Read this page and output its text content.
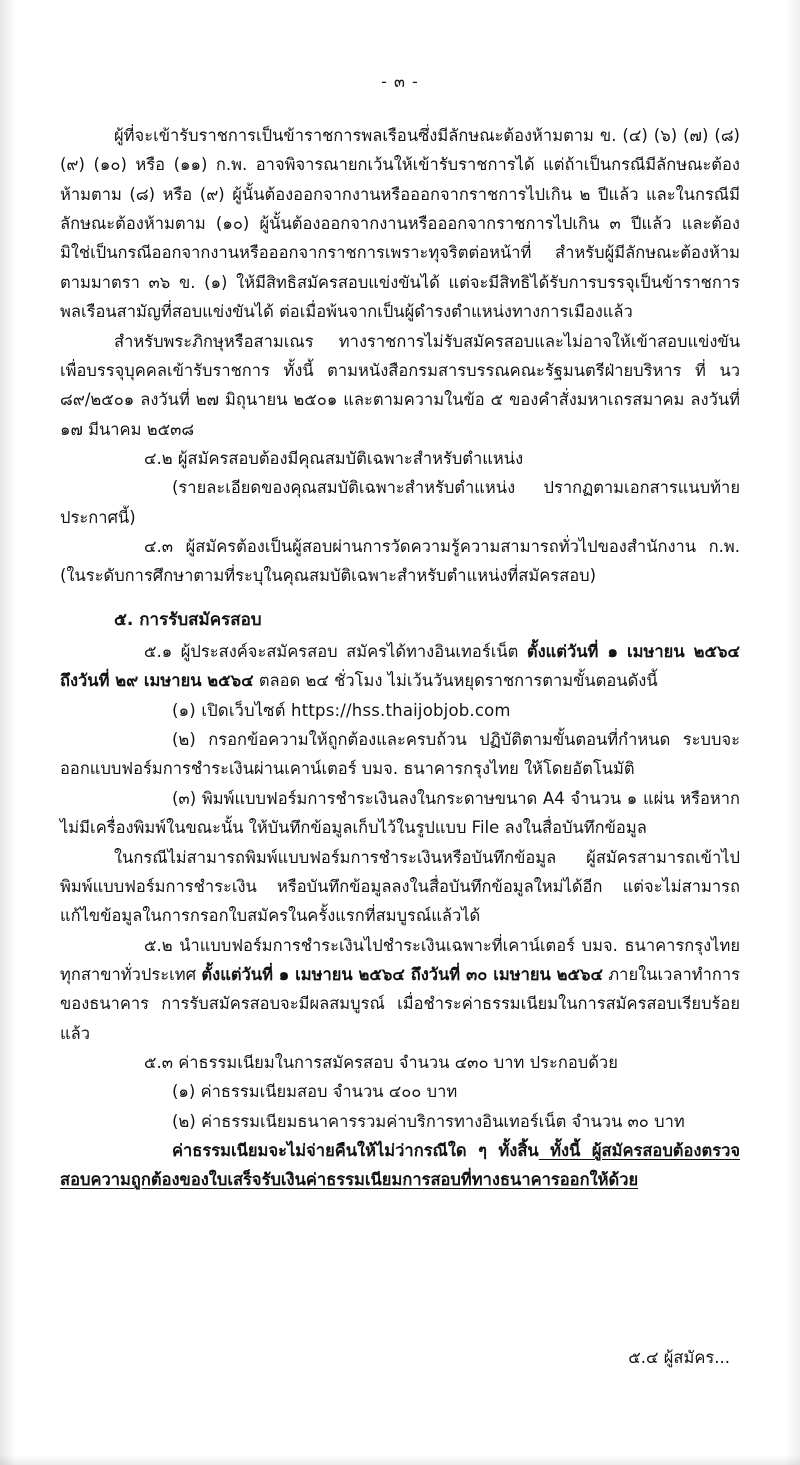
- ๓ -

ผู้ที่จะเข้ารับราชการเป็นข้าราชการพลเรือนซึ่งมีลักษณะต้องห้ามตาม ข. (๔) (๖) (๗) (๘) (๙) (๑๐) หรือ (๑๑) ก.พ. อาจพิจารณายกเว้นให้เข้ารับราชการได้ แต่ถ้าเป็นกรณีมีลักษณะต้องห้ามตาม (๘) หรือ (๙) ผู้นั้นต้องออกจากงานหรือออกจากราชการไปเกิน ๒ ปีแล้ว และในกรณีมีลักษณะต้องห้ามตาม (๑๐) ผู้นั้นต้องออกจากงานหรือออกจากราชการไปเกิน ๓ ปีแล้ว และต้องมิใช่เป็นกรณีออกจากงานหรือออกจากราชการเพราะทุจริตต่อหน้าที่ สำหรับผู้มีลักษณะต้องห้ามตามมาตรา ๓๖ ข. (๑) ให้มีสิทธิสมัครสอบแข่งขันได้ แต่จะมีสิทธิได้รับการบรรจุเป็นข้าราชการพลเรือนสามัญที่สอบแข่งขันได้ ต่อเมื่อพ้นจากเป็นผู้ดำรงตำแหน่งทางการเมืองแล้ว

สำหรับพระภิกษุหรือสามเณร ทางราชการไม่รับสมัครสอบและไม่อาจให้เข้าสอบแข่งขันเพื่อบรรจุบุคคลเข้ารับราชการ ทั้งนี้ ตามหนังสือกรมสารบรรณคณะรัฐมนตรีฝ่ายบริหาร ที่ นว ๘๙/๒๕๐๑ ลงวันที่ ๒๗ มิถุนายน ๒๕๐๑ และตามความในข้อ ๕ ของคำสั่งมหาเถรสมาคม ลงวันที่ ๑๗ มีนาคม ๒๕๓๘

๔.๒ ผู้สมัครสอบต้องมีคุณสมบัติเฉพาะสำหรับตำแหน่ง

(รายละเอียดของคุณสมบัติเฉพาะสำหรับตำแหน่ง ปรากฏตามเอกสารแนบท้ายประกาศนี้)

๔.๓ ผู้สมัครต้องเป็นผู้สอบผ่านการวัดความรู้ความสามารถทั่วไปของสำนักงาน ก.พ. (ในระดับการศึกษาตามที่ระบุในคุณสมบัติเฉพาะสำหรับตำแหน่งที่สมัครสอบ)

๕. การรับสมัครสอบ

๕.๑ ผู้ประสงค์จะสมัครสอบ สมัครได้ทางอินเทอร์เน็ต ตั้งแต่วันที่ ๑ เมษายน ๒๕๖๔ ถึงวันที่ ๒๙ เมษายน ๒๕๖๔ ตลอด ๒๔ ชั่วโมง ไม่เว้นวันหยุดราชการตามขั้นตอนดังนี้

(๑) เปิดเว็บไซต์ https://hss.thaijobjob.com

(๒) กรอกข้อความให้ถูกต้องและครบถ้วน ปฏิบัติตามขั้นตอนที่กำหนด ระบบจะออกแบบฟอร์มการชำระเงินผ่านเคาน์เตอร์ บมจ. ธนาคารกรุงไทย ให้โดยอัตโนมัติ

(๓) พิมพ์แบบฟอร์มการชำระเงินลงในกระดาษขนาด A4 จำนวน ๑ แผ่น หรือหากไม่มีเครื่องพิมพ์ในขณะนั้น ให้บันทึกข้อมูลเก็บไว้ในรูปแบบ File ลงในสื่อบันทึกข้อมูล

ในกรณีไม่สามารถพิมพ์แบบฟอร์มการชำระเงินหรือบันทึกข้อมูล ผู้สมัครสามารถเข้าไปพิมพ์แบบฟอร์มการชำระเงิน หรือบันทึกข้อมูลลงในสื่อบันทึกข้อมูลใหม่ได้อีก แต่จะไม่สามารถแก้ไขข้อมูลในการกรอกใบสมัครในครั้งแรกที่สมบูรณ์แล้วได้

๕.๒ นำแบบฟอร์มการชำระเงินไปชำระเงินเฉพาะที่เคาน์เตอร์ บมจ. ธนาคารกรุงไทย ทุกสาขาทั่วประเทศ ตั้งแต่วันที่ ๑ เมษายน ๒๕๖๔ ถึงวันที่ ๓๐ เมษายน ๒๕๖๔ ภายในเวลาทำการของธนาคาร การรับสมัครสอบจะมีผลสมบูรณ์ เมื่อชำระค่าธรรมเนียมในการสมัครสอบเรียบร้อยแล้ว

๕.๓ ค่าธรรมเนียมในการสมัครสอบ จำนวน ๔๓๐ บาท ประกอบด้วย

(๑) ค่าธรรมเนียมสอบ จำนวน ๔๐๐ บาท

(๒) ค่าธรรมเนียมธนาคารรวมค่าบริการทางอินเทอร์เน็ต จำนวน ๓๐ บาท

ค่าธรรมเนียมจะไม่จ่ายคืนให้ไม่ว่ากรณีใด ๆ ทั้งสิ้น ทั้งนี้ ผู้สมัครสอบต้องตรวจสอบความถูกต้องของใบเสร็จรับเงินค่าธรรมเนียมการสอบที่ทางธนาคารออกให้ด้วย

๕.๔ ผู้สมัคร...
